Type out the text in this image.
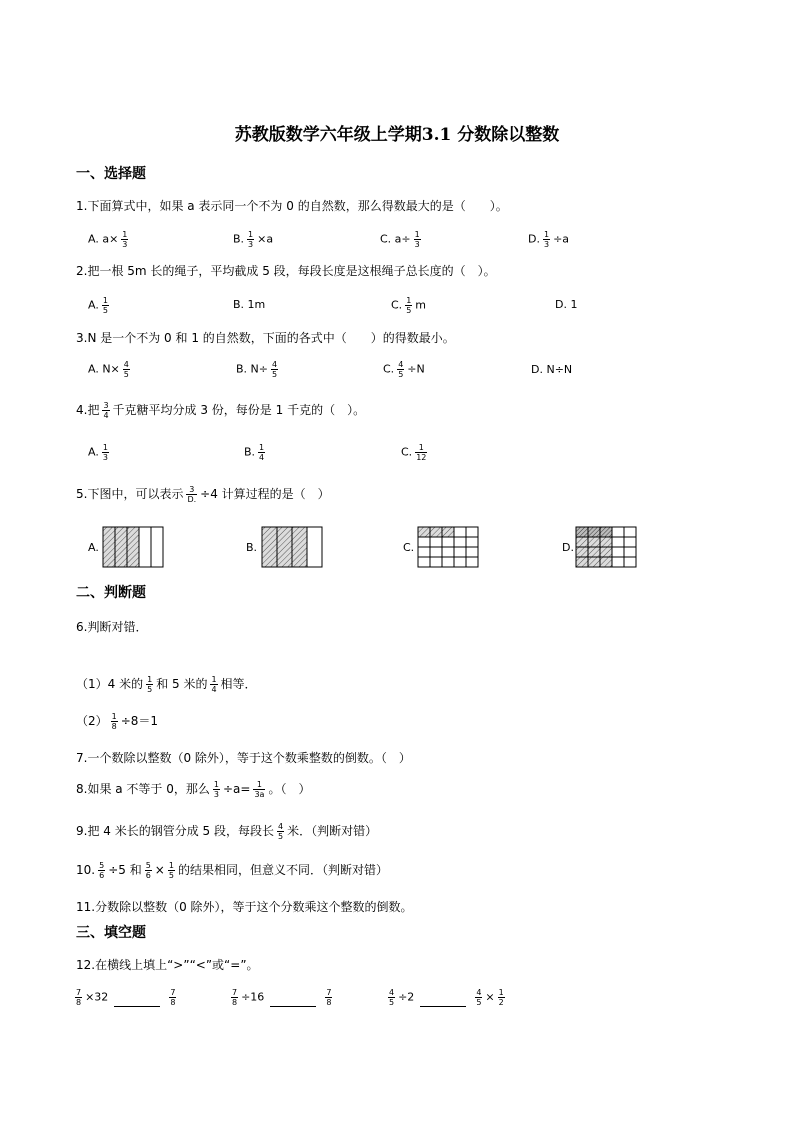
苏教版数学六年级上学期3.1 分数除以整数
一、选择题
1.下面算式中，如果 a 表示同一个不为 0 的自然数，那么得数最大的是（　　）。
A. $a\times \frac{1}{3}$	B. $\frac{1}{3} \times a$	C. $a\div \frac{1}{3}$	D. $\frac{1}{3} \div a$
2.把一根 5m 长的绳子，平均截成 5 段，每段长度是这根绳子总长度的（　）。
A. $\frac{1}{5}$	B. 1m	C. $\frac{1}{5}$ m	D. 1
3.N 是一个不为 0 和 1 的自然数，下面的各式中（　　）的得数最小。
A. $N\times \frac{4}{5}$	B. $N\div \frac{4}{5}$	C. $\frac{4}{5} \div N$	D. N÷N
4.把 $\frac{3}{4}$ 千克糖平均分成 3 份，每份是 1 千克的（　）。
A. $\frac{1}{3}$	B. $\frac{1}{4}$	C. $\frac{1}{12}$
5.下图中，可以表示 $\frac{3}{D.} \div 4$ 计算过程的是（　）
A.	B.	C.	D.
二、判断题
6.判断对错．
（1）4 米的 $\frac{1}{5}$ 和 5 米的 $\frac{1}{4}$ 相等．
$(2) \frac{1}{8} \div 8=1$
7.一个数除以整数（0 除外），等于这个数乘整数的倒数。（　）
8.如果 a 不等于 0，那么 $\frac{1}{3} \div a= \frac{1}{3a}$ 。（　）
9.把 4 米长的钢管分成 5 段，每段长 $\frac{4}{5}$ 米．（判断对错）
10. $\frac{5}{6} \div 5$ 和 $\frac{5}{6} \times \frac{1}{5}$ 的结果相同，但意义不同．（判断对错）
11.分数除以整数（0 除外），等于这个分数乘这个整数的倒数。
三、填空题
12.在横线上填上“>”“<”或“=”。
$\frac{7}{8} \times 32$	$\frac{7}{8}$	$\frac{7}{8} \div 16$	$\frac{7}{8}$	$\frac{4}{5} \div 2$	$\frac{4}{5} \times \frac{1}{2}$
